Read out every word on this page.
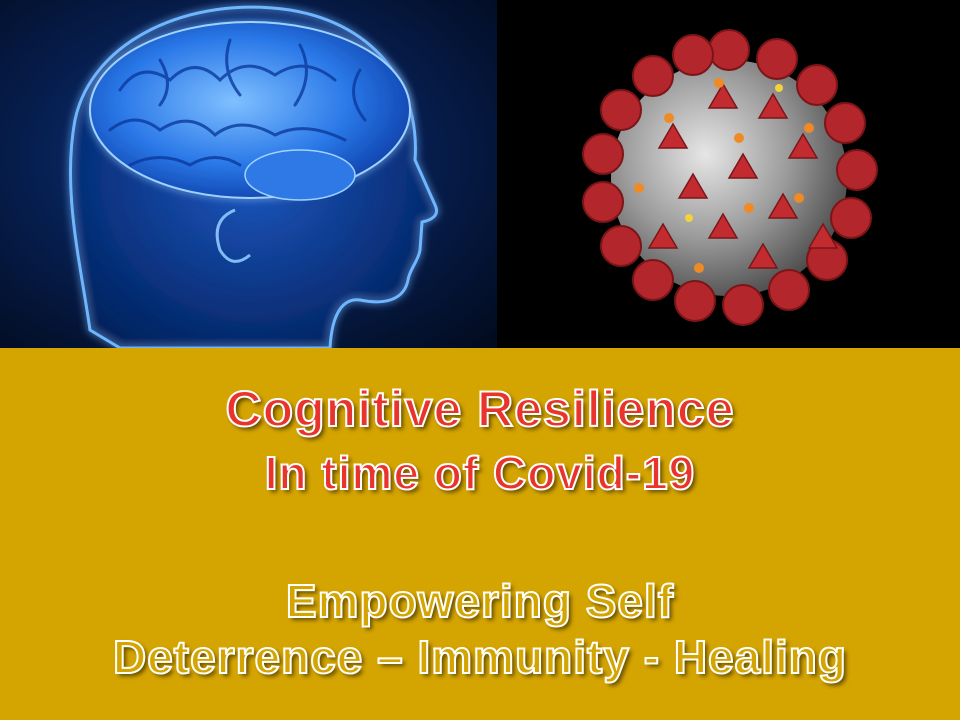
Cognitive Resilience
In time of Covid-19
Empowering Self
Deterrence – Immunity - Healing
